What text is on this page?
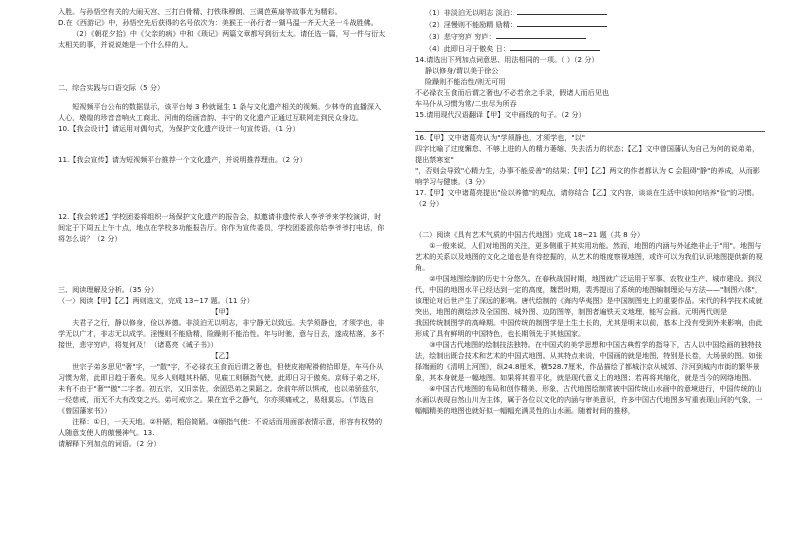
入胜。与孙悟空有关的大闹天宫、三打白骨精、打铁珠穆朗、三调芭蕉扇等故事尤为精彩。

D.在《西游记》中，孙悟空先后获得的名号依次为：美猴王一孙行者一猢马温一齐天大圣一斗战胜佛。

（2）《朝花夕拾》中《父亲的病》中和《琐记》两篇文章都写到衍太太。请任选一篇，写一件与衍太太相关的事，并说说她是一个什么样的人。

二、综合实践与口语交际（5 分）

短视频平台公布的数据显示，该平台每 3 秒就诞生 1 条与文化遗产相关的视频。少林寺的直播深入人心，墩煌的珍音音响火工商北、河南的绘画音韵、丰宁的文化遗产正通过互联网走到民众身边。

10.【我会设计】请运用对偶句式，为保护文化遗产设计一句宣传语。（1 分）

11.【我会宣传】请为短视频平台推荐一个文化遗产，并说明推荐理由。（2 分）

12.【我会转述】学校团委将组织一场保护文化遗产的报告会，拟邀请非遗传承人李爷爷来学校演讲，时间定于下周五上午十点，地点在学校多功能报告厅。你作为宣传委员，学校团委派你给李爷爷打电话，你将怎么说？（2 分）

三、阅读理解及分析。（35 分）

（一）阅读【甲】【乙】两则选文，完成 13~17 题。（11 分）

【甲】

夫君子之行，静以修身，俭以养德。非淡泊无以明志，非宁静无以致远。夫学须静也，才须学也，非学无以广才，非志无以成学。淫慢则不能励精，险躁则不能治性。年与时驰，意与日去，遂成枯落，多不接世，悲守穷庐，将复何及！（诸葛亮《诫子书》）

【乙】

世宗子弟多思见"奢"字，一"散"字，不必禄衣玉食而后谓之奢也，但使皮袍呢褂俯拾即是，车马仆从习惯为常，此即日趋于奢矣。见乡人则嗤其朴陋，见雇工则颐指气使，此即日习于傲矣。京师子弟之坏，未有不由于"奢""傲"二字者。初五宗，又旧亲佐，余固恐弟之果蹈之。余前年所以惧戒，也以弟骄兹尔，一经慈戒，而无不大有改变之兴。弟可戒宗之。果在宜乎之静气，尔亦须痛戒之，易细莫忘。（节选自《曾国藩家书》）

注释：①日，一天天地。②朴陋，粗俗简陋。③颐指气使：不说话而用面部表情示意，形容有权势的人随意支使人的傲慢神气。13.

请解释下列加点的词语。（2 分）

（1）非淡泊无以明志 淡泊：

（2）淫慢则不能励精 励精：

（3）悲守穷庐 穷庐：

（4）此即日习于傲矣 日：

14.请选出下列加点词意思、用法相同的一项。（ ）（2 分）

静以修身/谓以美于徐公

险躁则不能治性/则无可用

不必禄衣玉食而后谓之奢也/不必若余之手录，假诸人而后见也

车马仆从习惯为常/二虫尽为所吞

15.请用现代汉语翻译【甲】文中画线的句子。（2 分）

16.【甲】文中诸葛亮认为"学须静也，才须学也，"以"

四字比喻了过度懈怠、不够上进的人的精力萎缩、失去活力的状态；【乙】文中曾国藩认为自己为何的说弟弟，提出禁寒室"

"，否则会导致"心精力生，办事不能妥善"的结果；【甲】【乙】两文的作者都认为 C 会阻碍"静"的养成，从而影响学习与健康。（3 分）

17.【甲】文中诸葛亮提出"俭以养德"的观点，请你结合【乙】文内容，谈谈在生活中该如何培养"俭"的习惯。（2 分）

（二）阅读《具有艺术气质的中国古代地图》完成 18~21 题（共 8 分）

①一般来说，人们对地图的关注，更多侧重于其实用功能。然而，地图的内涵与外延绝非止于"用"。地图与艺术的关系以及地图的文化之道也是有待挖掘的，从艺术的维度察视地图，或许可以为我们认识地图提供新的视角。

②中国地图绘制的历史十分悠久。在春秋战国时期，地图就广泛运用于军事、农牧业生产、城市建设。到汉代，中国的地图水平已经达到一定的高度，魏晋时期，裴秀提出了系统的地图编制理论与方法——"制图六体"，该理论对后世产生了深远的影响。唐代绘制的《海内华夷图》是中国制图史上的重要作品。宋代的科学技术成就突出，地图的测绘涉及全国图、城外图、边防图等，制图者遍铁天文地理，能写会画。元明两代则是

我国传统制图学的高峰期。中国传统的制图学是土生土长的，尤其是明末以前，基本上没有受到外来影响，由此形成了具有鲜明的中国特色，也长期领先于其他国家。

③中国古代地图的绘制技法独特。在中国式的美学思想和中国古典哲学的指导下，古人以中国绘画的独特技法，绘制出既合技术和艺术的中国式地图。从其特点来说，中国画的就是地图，特别是长卷，大场景的图。如张择端画的《清明上河图》，纵24.8厘米，横528.7厘米，作品描绘了都城汴京从城郊、汴河到城内市街的繁华景象，其本身就是一幅地图。如果将其看平化，就是现代意义上的地图；若再将其缩化，就是当今的网络地图。

④中国古代地图的布局和创作精美、形象，古代地图绘制常被中国传统山水画中的意境进行，中国传统的山水画以表现自然山川为主体，属于各位以文化的内涵与审美意识，许多中国古代地图多写重表现山河的气象，一幅幅精美的地图也就好似一幅幅充满灵性的山水画。随着时间的推移，
